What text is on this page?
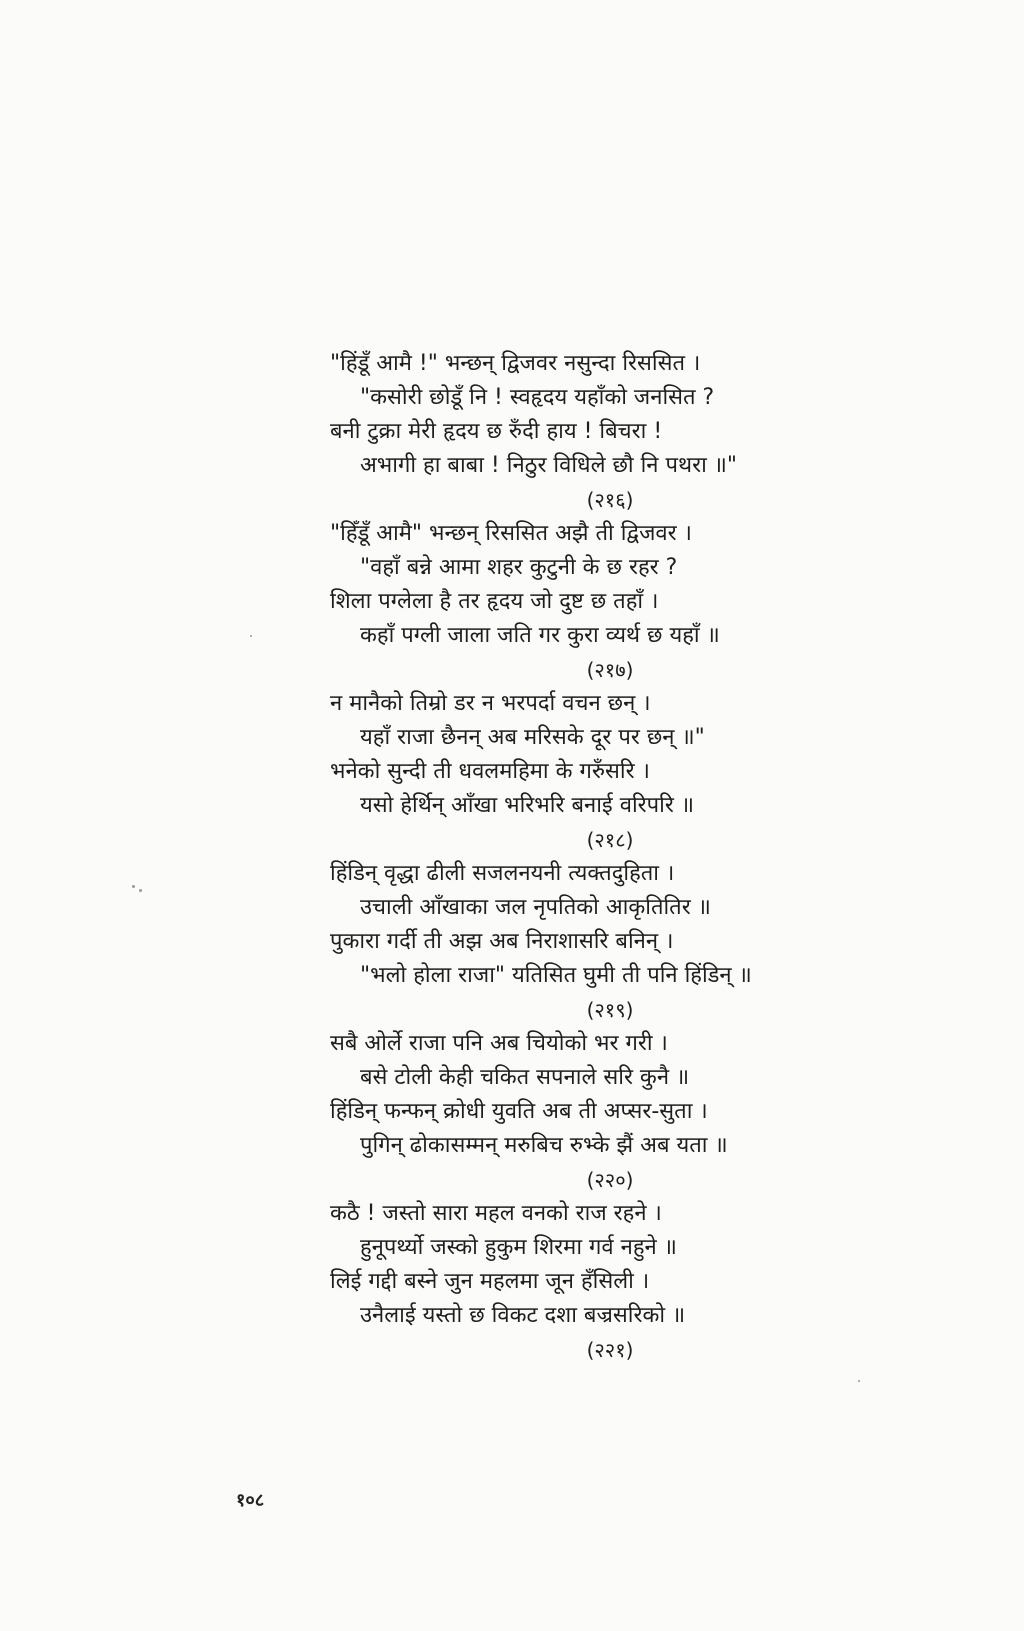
"हिंडूँ आमै !" भन्छन् द्विजवर नसुन्दा रिससित ।
"कसोरी छोडूँ नि ! स्वहृदय यहाँको जनसित ?
बनी टुक्रा मेरी हृदय छ रुँदी हाय ! बिचरा !
अभागी हा बाबा ! निठुर विधिले छौ नि पथरा ॥"
(२१६)
"हिँडूँ आमै" भन्छन् रिससित अझै ती द्विजवर ।
"वहाँ बन्ने आमा शहर कुटुनी के छ रहर ?
शिला पग्लेला है तर हृदय जो दुष्ट छ तहाँ ।
कहाँ पग्ली जाला जति गर कुरा व्यर्थ छ यहाँ ॥
(२१७)
न मानैको तिम्रो डर न भरपर्दा वचन छन् ।
यहाँ राजा छैनन् अब मरिसके दूर पर छन् ॥"
भनेको सुन्दी ती धवलमहिमा के गरुँसरि ।
यसो हेर्थिन् आँखा भरिभरि बनाई वरिपरि ॥
(२१८)
हिंडिन् वृद्धा ढीली सजलनयनी त्यक्तदुहिता ।
उचाली आँखाका जल नृपतिको आकृतितिर ॥
पुकारा गर्दी ती अझ अब निराशासरि बनिन् ।
"भलो होला राजा" यतिसित घुमी ती पनि हिंडिन् ॥
(२१९)
सबै ओर्ले राजा पनि अब चियोको भर गरी ।
बसे टोली केही चकित सपनाले सरि कुनै ॥
हिंडिन् फन्फन् क्रोधी युवति अब ती अप्सर-सुता ।
पुगिन् ढोकासम्मन् मरुबिच रुभ्के झैं अब यता ॥
(२२०)
कठै ! जस्तो सारा महल वनको राज रहने ।
हुनूपर्थ्यो जस्को हुकुम शिरमा गर्व नहुने ॥
लिई गद्दी बस्ने जुन महलमा जून हँसिली ।
उनैलाई यस्तो छ विकट दशा बज्रसरिको ॥
(२२१)
१०८
